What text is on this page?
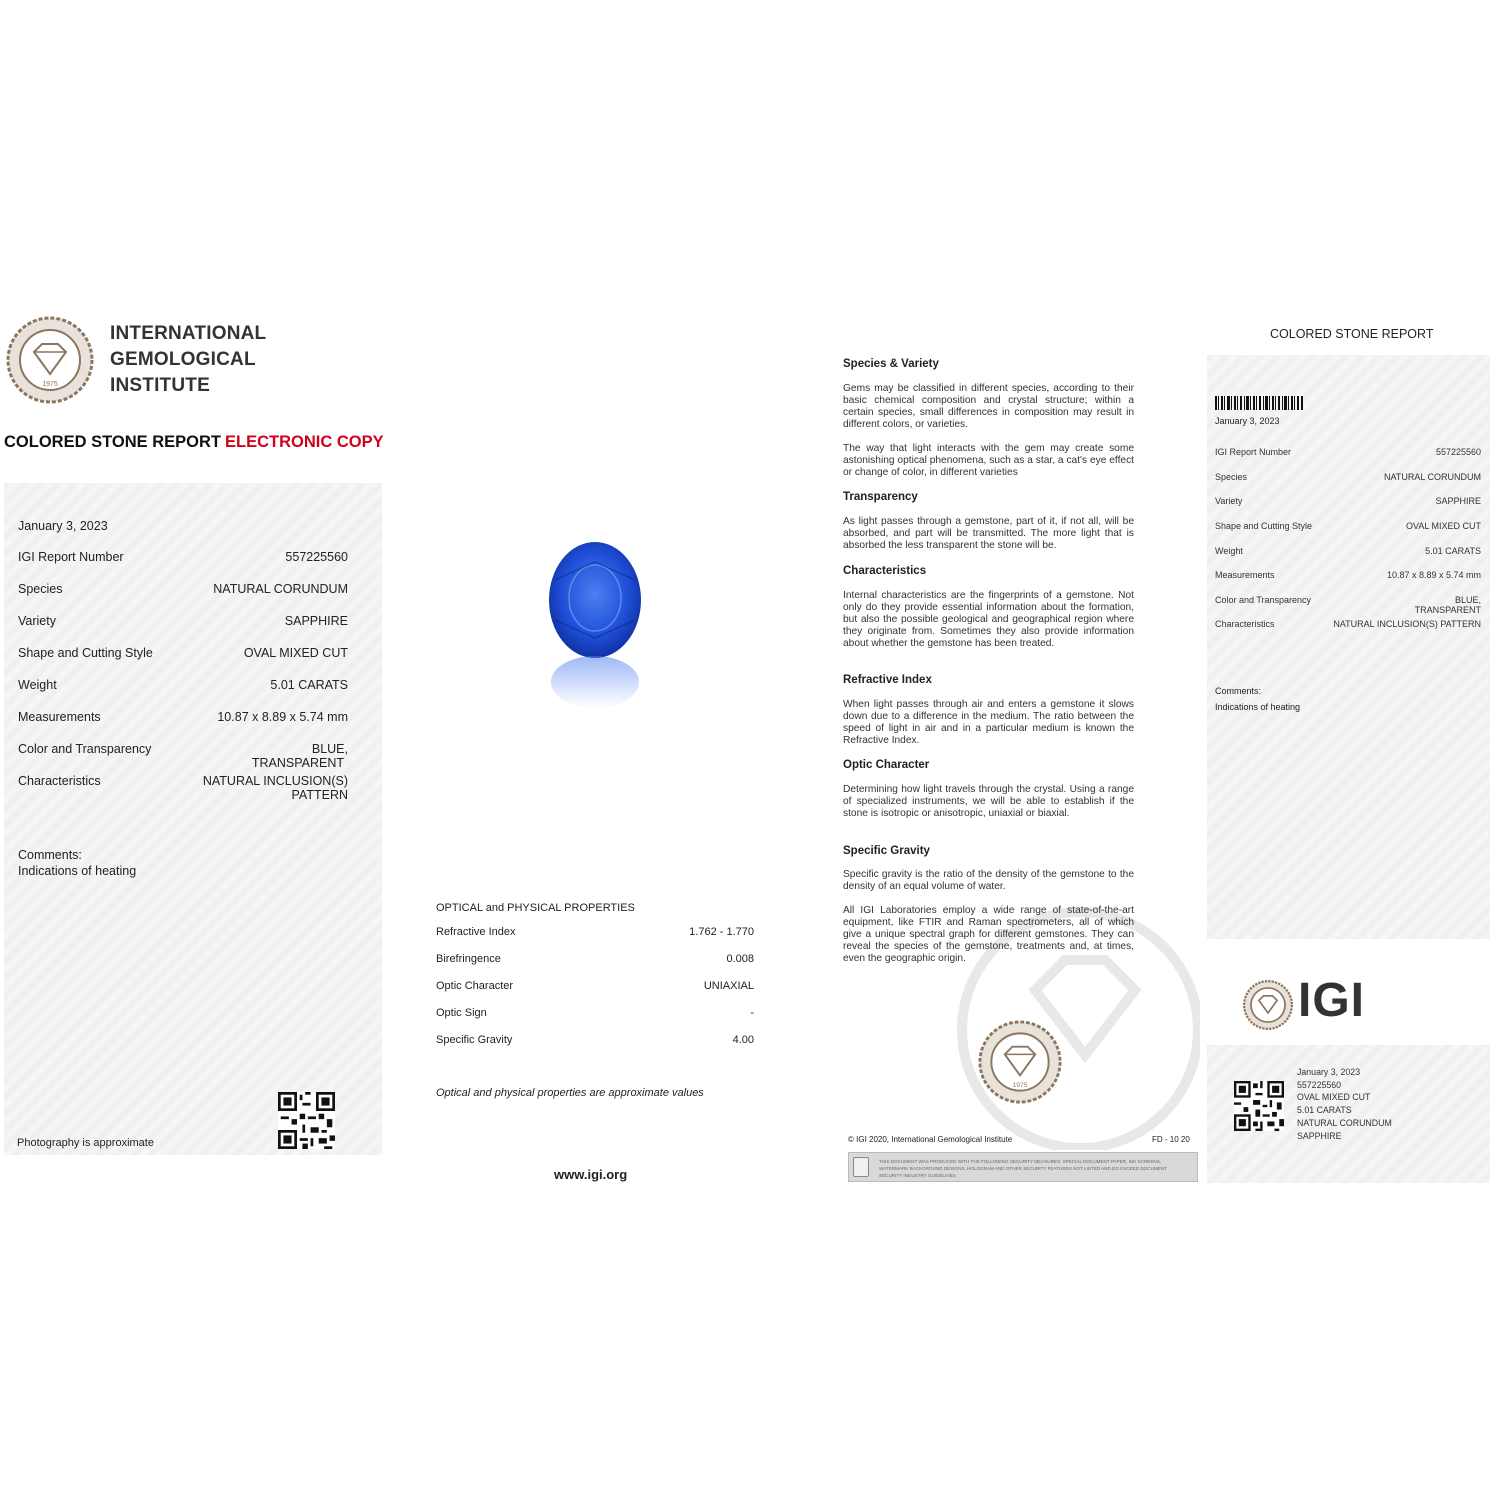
1975
INTERNATIONAL
GEMOLOGICAL
INSTITUTE
COLORED STONE REPORT ELECTRONIC COPY
January 3, 2023
IGI Report Number	557225560
Species	NATURAL CORUNDUM
Variety	SAPPHIRE
Shape and Cutting Style	OVAL MIXED CUT
Weight	5.01 CARATS
Measurements	10.87 x 8.89 x 5.74 mm
Color and Transparency	BLUE,
TRANSPARENT
Characteristics	NATURAL INCLUSION(S)
PATTERN
Comments:
Indications of heating
Photography is approximate
OPTICAL and PHYSICAL PROPERTIES
Refractive Index	1.762 - 1.770
Birefringence	0.008
Optic Character	UNIAXIAL
Optic Sign	-
Specific Gravity	4.00
Optical and physical properties are approximate values
www.igi.org
1975
Species & Variety
Gems may be classified in different species, according to their basic chemical composition and crystal structure; within a certain species, small differences in composition may result in different colors, or varieties.
The way that light interacts with the gem may create some astonishing optical phenomena, such as a star, a cat's eye effect or change of color, in different varieties
Transparency
As light passes through a gemstone, part of it, if not all, will be absorbed, and part will be transmitted. The more light that is absorbed the less transparent the stone will be.
Characteristics
Internal characteristics are the fingerprints of a gemstone. Not only do they provide essential information about the formation, but also the possible geological and geographical region where they originate from. Sometimes they also provide information about whether the gemstone has been treated.
Refractive Index
When light passes through air and enters a gemstone it slows down due to a difference in the medium. The ratio between the speed of light in air and in a particular medium is known the Refractive Index.
Optic Character
Determining how light travels through the crystal. Using a range of specialized instruments, we will be able to establish if the stone is isotropic or anisotropic, uniaxial or biaxial.
Specific Gravity
Specific gravity is the ratio of the density of the gemstone to the density of an equal volume of water.
All IGI Laboratories employ a wide range of state-of-the-art equipment, like FTIR and Raman spectrometers, all of which give a unique spectral graph for different gemstones. They can reveal the species of the gemstone, treatments and, at times, even the geographic origin.
© IGI 2020, International Gemological Institute	FD - 10 20
THIS DOCUMENT WAS PRODUCED WITH THE FOLLOWING SECURITY MEASURES: SPECIAL DOCUMENT PAPER, INK SCREENS, WATERMARK BACKGROUND DESIGNS, HOLOGRAM AND OTHER SECURITY FEATURES NOT LISTED AND DO EXCEED DOCUMENT SECURITY INDUSTRY GUIDELINES
COLORED STONE REPORT
January 3, 2023
IGI Report Number	557225560
Species	NATURAL CORUNDUM
Variety	SAPPHIRE
Shape and Cutting Style	OVAL MIXED CUT
Weight	5.01 CARATS
Measurements	10.87 x 8.89 x 5.74 mm
Color and Transparency	BLUE,
TRANSPARENT
Characteristics	NATURAL INCLUSION(S) PATTERN
Comments:
Indications of heating
IGI
January 3, 2023
557225560
OVAL MIXED CUT
5.01 CARATS
NATURAL CORUNDUM
SAPPHIRE
